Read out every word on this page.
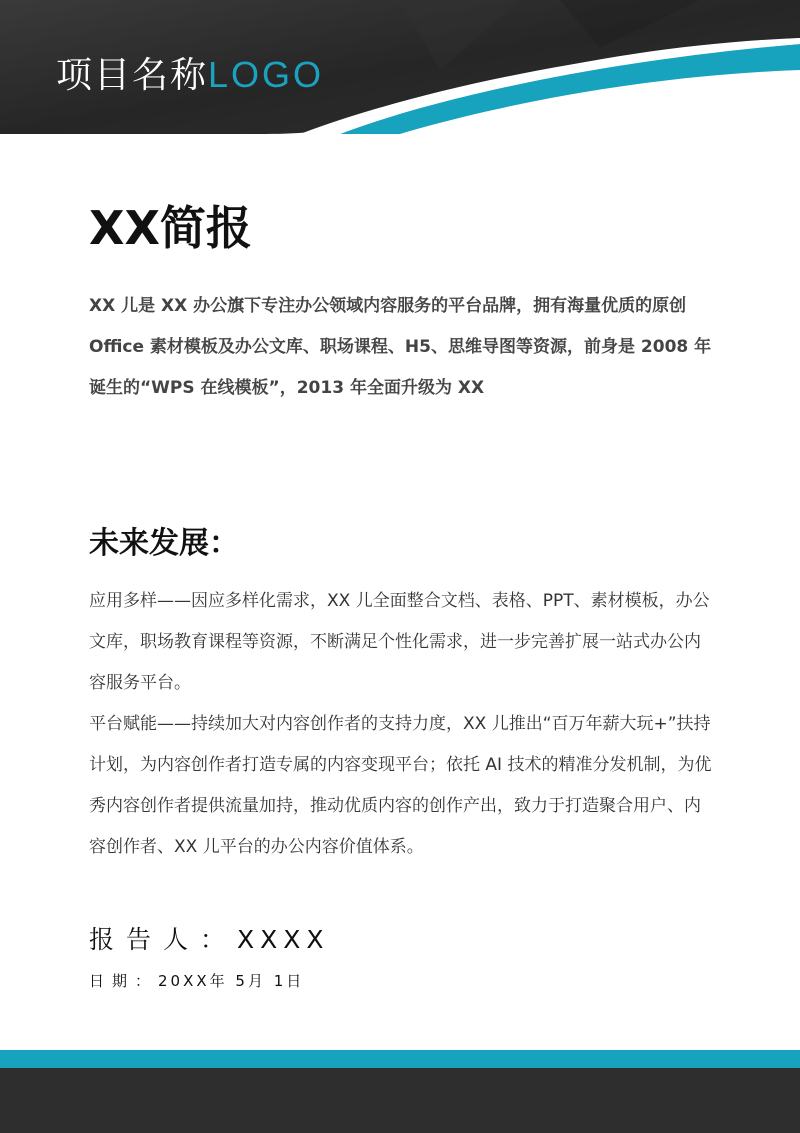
项目名称LOGO
XX简报

XX 儿是 XX 办公旗下专注办公领域内容服务的平台品牌，拥有海量优质的原创 Office 素材模板及办公文库、职场课程、H5、思维导图等资源，前身是 2008 年诞生的“WPS 在线模板”，2013 年全面升级为 XX

未来发展：

应用多样——因应多样化需求，XX 儿全面整合文档、表格、PPT、素材模板，办公文库，职场教育课程等资源，不断满足个性化需求，进一步完善扩展一站式办公内容服务平台。

平台赋能——持续加大对内容创作者的支持力度，XX 儿推出“百万年薪大玩+”扶持计划，为内容创作者打造专属的内容变现平台；依托 AI 技术的精准分发机制，为优秀内容创作者提供流量加持，推动优质内容的创作产出，致力于打造聚合用户、内容创作者、XX 儿平台的办公内容价值体系。

报告人：XXXX
日期：20XX年 5月 1日
